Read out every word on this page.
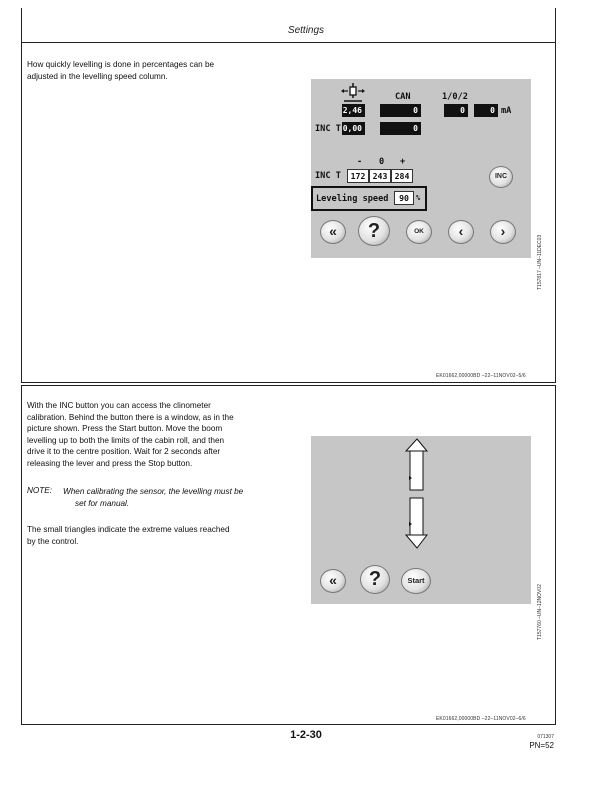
Settings
How quickly levelling is done in percentages can be
adjusted in the levelling speed column.
CAN	1/0/2
2,46	0	0	0 mA
INC T 0,00	0
- 0 +
INC T	172 243 284	INC
Leveling speed	90	%
«	?	OK	‹	›
T157817 –UN–11DEC03
EK01662,00000BD –22–11NOV02–5/6
With the INC button you can access the clinometer
calibration. Behind the button there is a window, as in the
picture shown. Press the Start button. Move the boom
levelling up to both the limits of the cabin roll, and then
drive it to the centre position. Wait for 2 seconds after
releasing the lever and press the Stop button.
NOTE: When calibrating the sensor, the levelling must be
set for manual.
The small triangles indicate the extreme values reached
by the control.
«	?	Start
T157760 –UN–12NOV02
EK01662,00000BD –22–11NOV02–6/6
1-2-30	071307
PN=52
